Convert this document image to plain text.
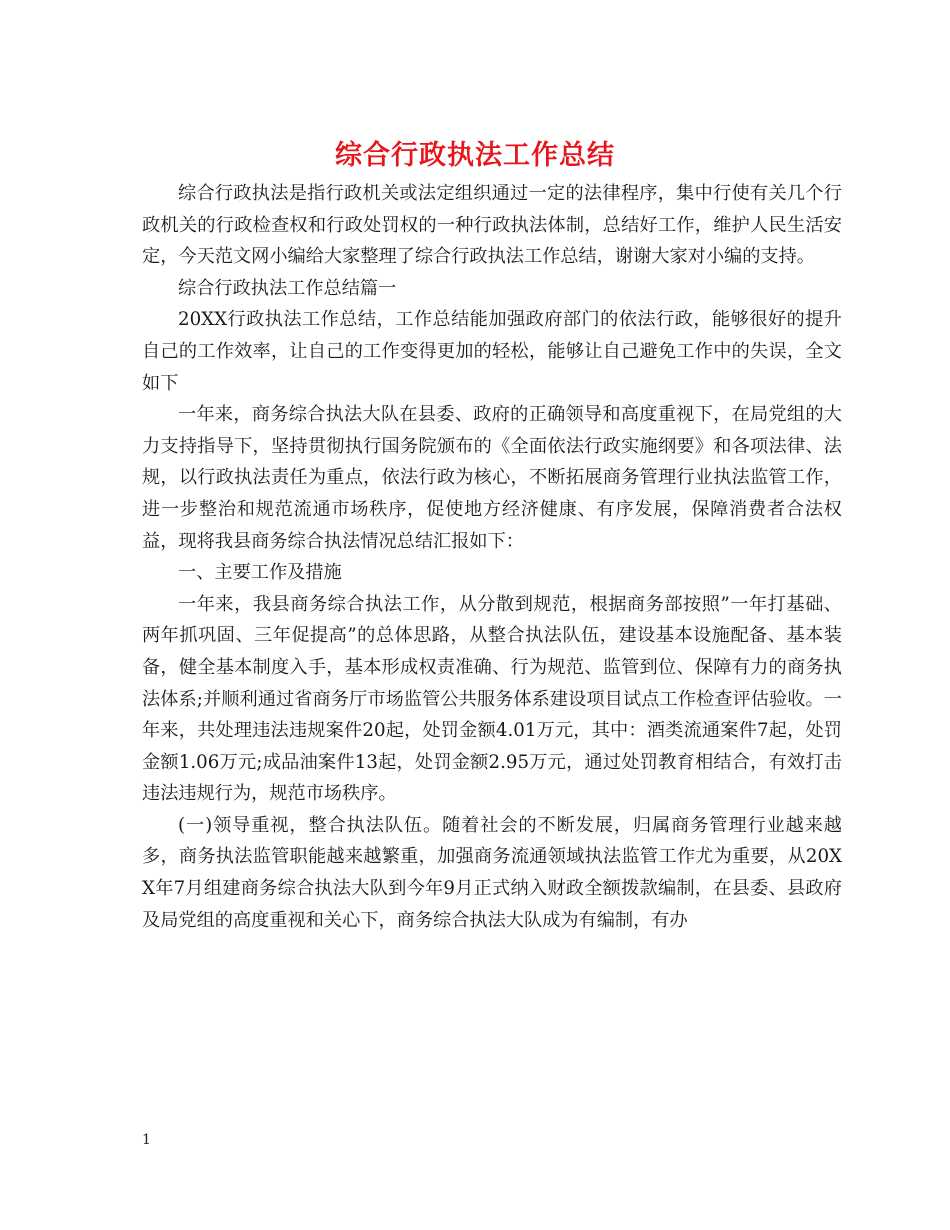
综合行政执法工作总结

综合行政执法是指行政机关或法定组织通过一定的法律程序，集中行使有关几个行政机关的行政检查权和行政处罚权的一种行政执法体制，总结好工作，维护人民生活安定，今天范文网小编给大家整理了综合行政执法工作总结，谢谢大家对小编的支持。

综合行政执法工作总结篇一

20XX行政执法工作总结，工作总结能加强政府部门的依法行政，能够很好的提升自己的工作效率，让自己的工作变得更加的轻松，能够让自己避免工作中的失误，全文如下

一年来，商务综合执法大队在县委、政府的正确领导和高度重视下，在局党组的大力支持指导下，坚持贯彻执行国务院颁布的《全面依法行政实施纲要》和各项法律、法规，以行政执法责任为重点，依法行政为核心，不断拓展商务管理行业执法监管工作，进一步整治和规范流通市场秩序，促使地方经济健康、有序发展，保障消费者合法权益，现将我县商务综合执法情况总结汇报如下：

一、主要工作及措施

一年来，我县商务综合执法工作，从分散到规范，根据商务部按照”一年打基础、两年抓巩固、三年促提高”的总体思路，从整合执法队伍，建设基本设施配备、基本装备，健全基本制度入手，基本形成权责准确、行为规范、监管到位、保障有力的商务执法体系;并顺利通过省商务厅市场监管公共服务体系建设项目试点工作检查评估验收。一年来，共处理违法违规案件20起，处罚金额4.01万元，其中：酒类流通案件7起，处罚金额1.06万元;成品油案件13起，处罚金额2.95万元，通过处罚教育相结合，有效打击违法违规行为，规范市场秩序。

(一)领导重视，整合执法队伍。随着社会的不断发展，归属商务管理行业越来越多，商务执法监管职能越来越繁重，加强商务流通领域执法监管工作尤为重要，从20XX年7月组建商务综合执法大队到今年9月正式纳入财政全额拨款编制，在县委、县政府及局党组的高度重视和关心下，商务综合执法大队成为有编制，有办

1
